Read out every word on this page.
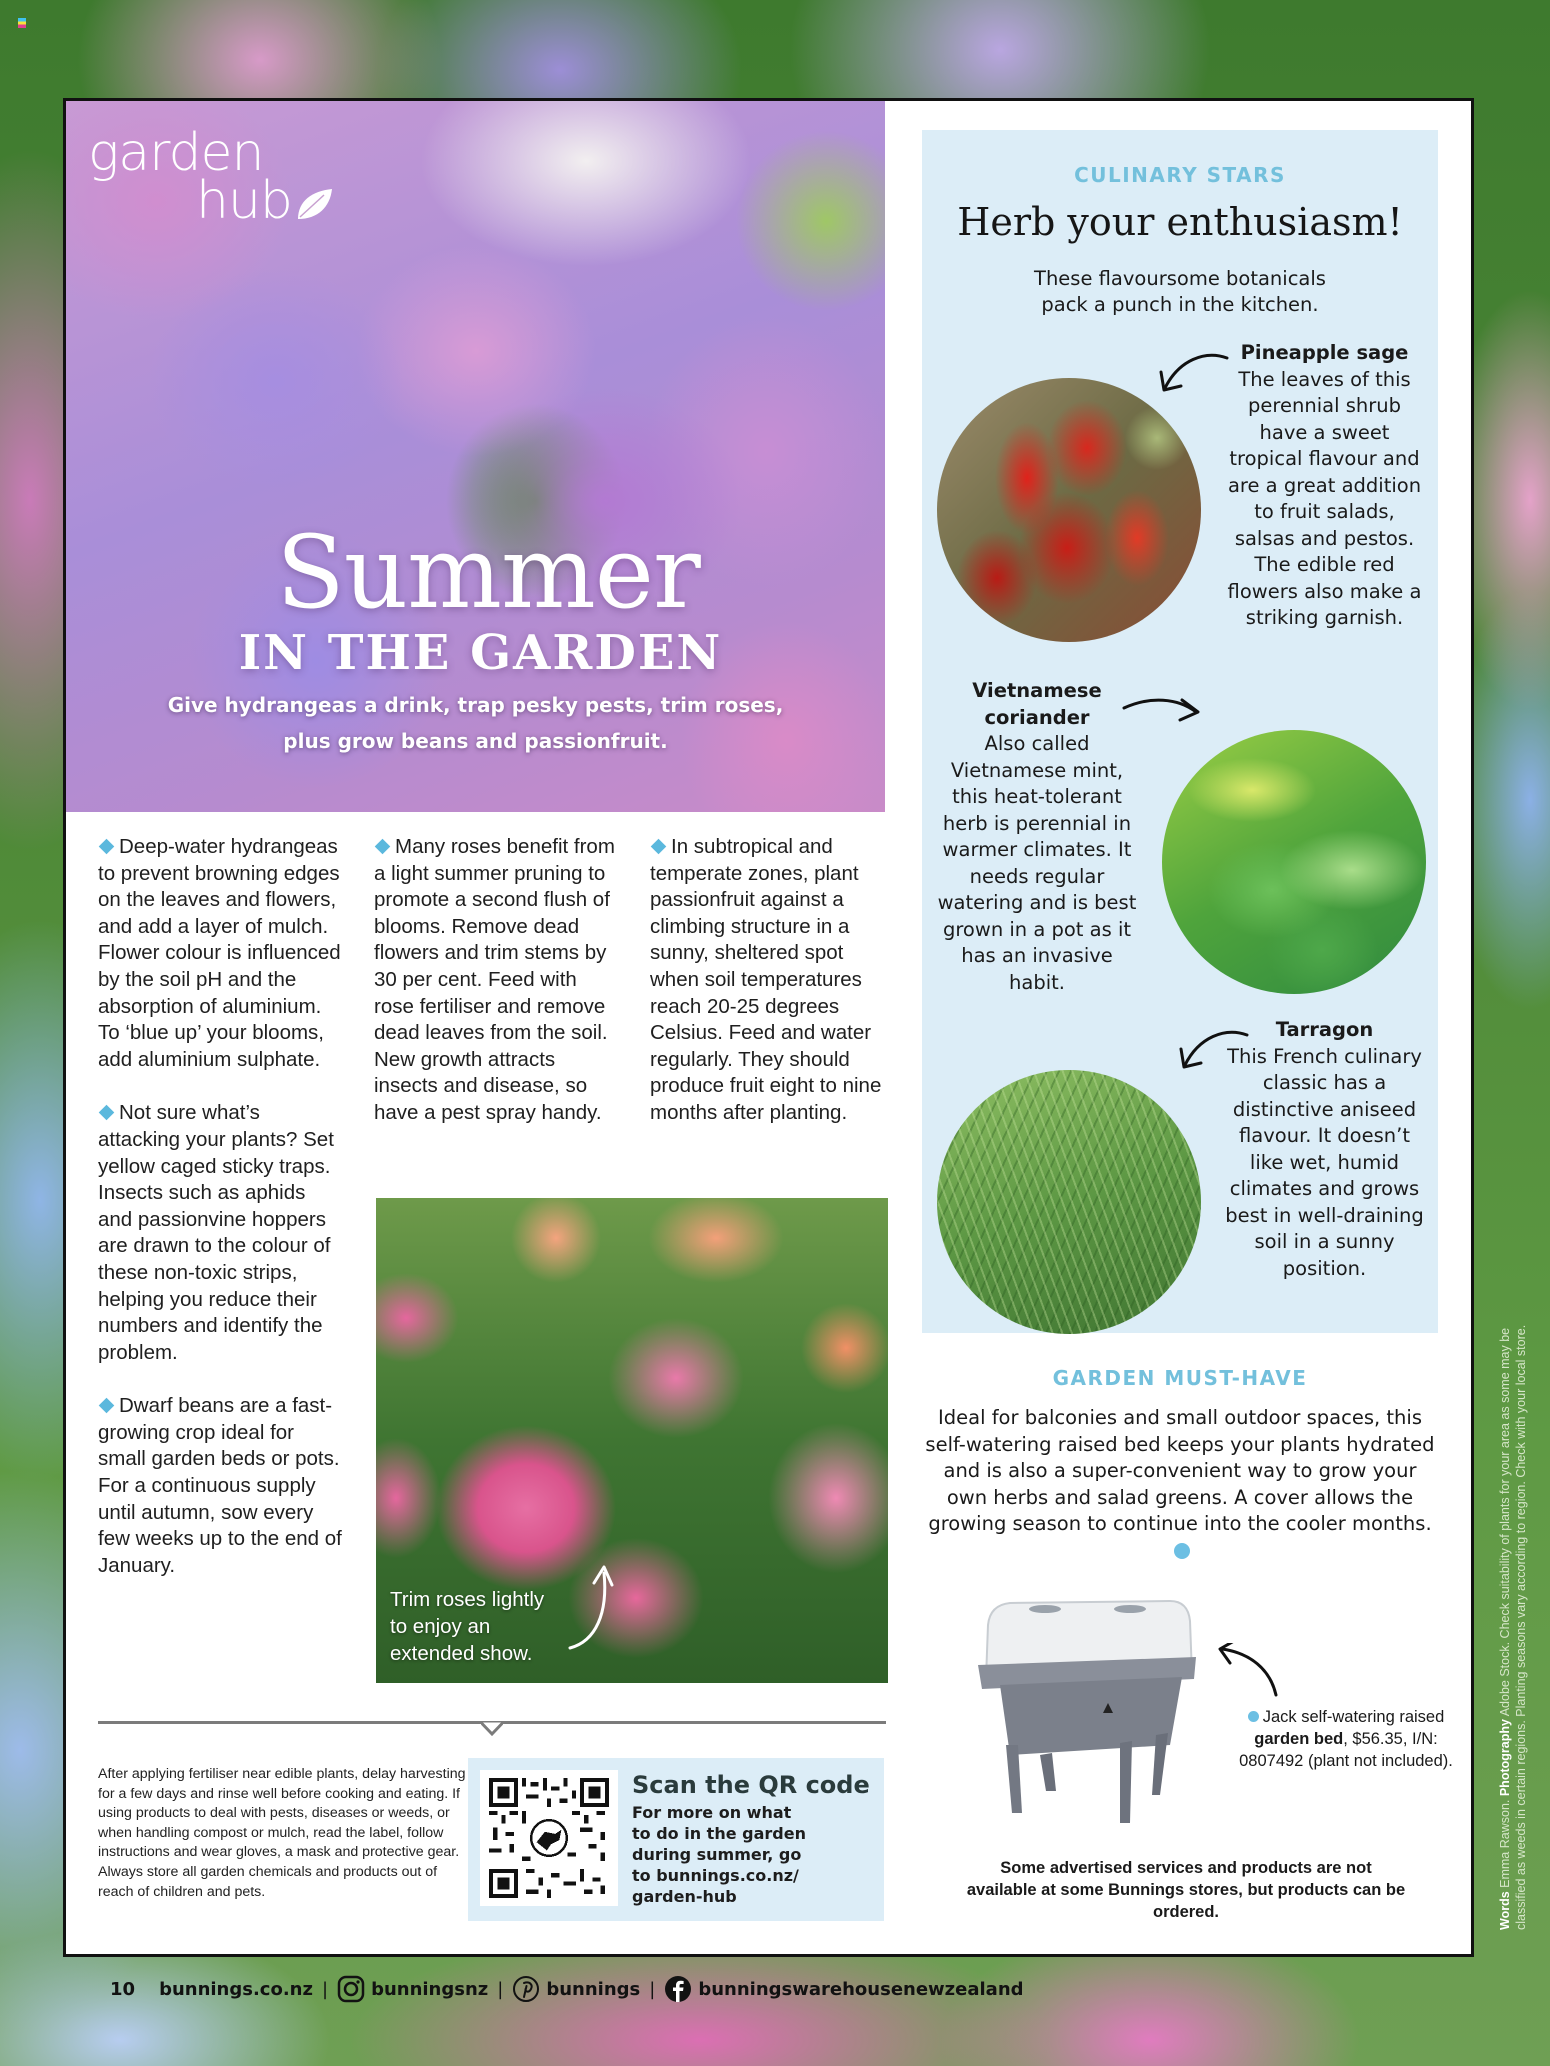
garden
hub
Summer
IN THE GARDEN
Give hydrangeas a drink, trap pesky pests, trim roses,
plus grow beans and passionfruit.

Deep-water hydrangeas to prevent browning edges on the leaves and flowers, and add a layer of mulch. Flower colour is influenced by the soil pH and the absorption of aluminium. To ‘blue up’ your blooms, add aluminium sulphate.

Not sure what’s attacking your plants? Set yellow caged sticky traps. Insects such as aphids and passionvine hoppers are drawn to the colour of these non-toxic strips, helping you reduce their numbers and identify the problem.

Dwarf beans are a fast-growing crop ideal for small garden beds or pots. For a continuous supply until autumn, sow every few weeks up to the end of January.

Many roses benefit from a light summer pruning to promote a second flush of blooms. Remove dead flowers and trim stems by 30 per cent. Feed with rose fertiliser and remove dead leaves from the soil. New growth attracts insects and disease, so have a pest spray handy.

In subtropical and temperate zones, plant passionfruit against a climbing structure in a sunny, sheltered spot when soil temperatures reach 20-25 degrees Celsius. Feed and water regularly. They should produce fruit eight to nine months after planting.

Trim roses lightly
to enjoy an
extended show.
After applying fertiliser near edible plants, delay harvesting for a few days and rinse well before cooking and eating. If using products to deal with pests, diseases or weeds, or when handling compost or mulch, read the label, follow instructions and wear gloves, a mask and protective gear. Always store all garden chemicals and products out of reach of children and pets.
Scan the QR code
For more on what
to do in the garden
during summer, go
to bunnings.co.nz/
garden-hub
CULINARY STARS
Herb your enthusiasm!
These flavoursome botanicals
pack a punch in the kitchen.
Pineapple sage
The leaves of this perennial shrub have a sweet tropical flavour and are a great addition to fruit salads, salsas and pestos. The edible red flowers also make a striking garnish.
Vietnamese coriander
Also called Vietnamese mint, this heat-tolerant herb is perennial in warmer climates. It needs regular watering and is best grown in a pot as it has an invasive habit.
Tarragon
This French culinary classic has a distinctive aniseed flavour. It doesn’t like wet, humid climates and grows best in well-draining soil in a sunny position.
GARDEN MUST-HAVE
Ideal for balconies and small outdoor spaces, this self-watering raised bed keeps your plants hydrated and is also a super-convenient way to grow your own herbs and salad greens. A cover allows the growing season to continue into the cooler months.
Jack self-watering raised garden bed, $56.35, I/N: 0807492 (plant not included).
Some advertised services and products are not available at some Bunnings stores, but products can be ordered.
10 bunnings.co.nz | bunningsnz | bunnings | bunningswarehousenewzealand
Words Emma Rawson. Photography Adobe Stock. Check suitability of plants for your area as some may be classified as weeds in certain regions. Planting seasons vary according to region. Check with your local store.
